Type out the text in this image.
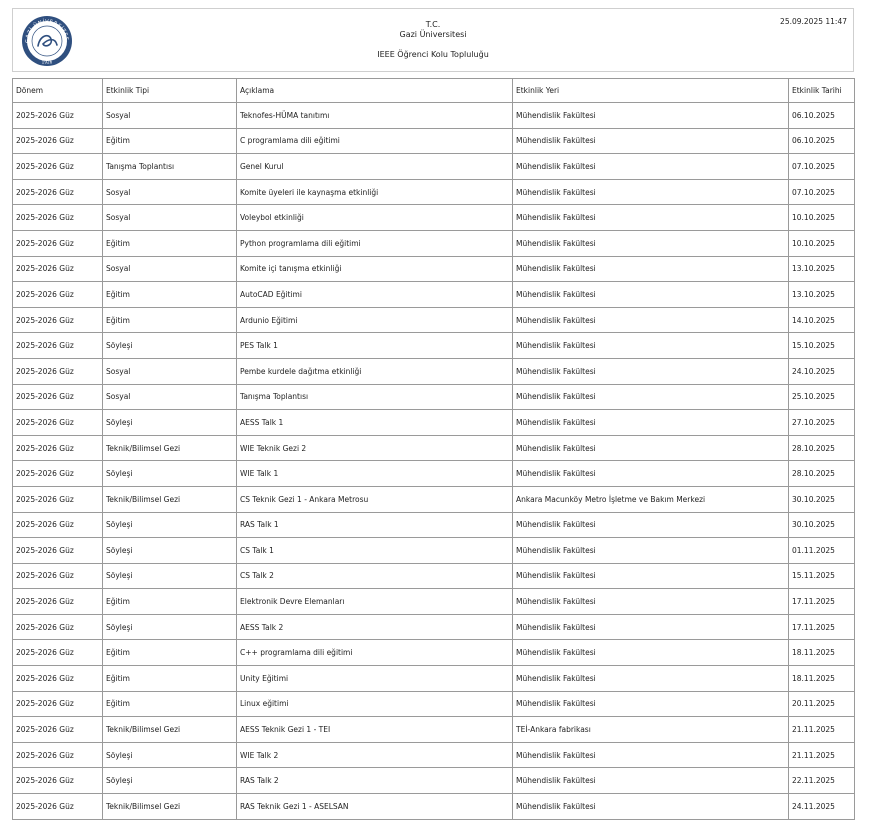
GAZİ ÜNİVERSİTES
1926
T.C.
Gazi Üniversitesi
IEEE Öğrenci Kolu Topluluğu
25.09.2025 11:47
Dönem	Etkinlik Tipi	Açıklama	Etkinlik Yeri	Etkinlik Tarihi
2025-2026 Güz	Sosyal	Teknofes-HÜMA tanıtımı	Mühendislik Fakültesi	06.10.2025
2025-2026 Güz	Eğitim	C programlama dili eğitimi	Mühendislik Fakültesi	06.10.2025
2025-2026 Güz	Tanışma Toplantısı	Genel Kurul	Mühendislik Fakültesi	07.10.2025
2025-2026 Güz	Sosyal	Komite üyeleri ile kaynaşma etkinliği	Mühendislik Fakültesi	07.10.2025
2025-2026 Güz	Sosyal	Voleybol etkinliği	Mühendislik Fakültesi	10.10.2025
2025-2026 Güz	Eğitim	Python programlama dili eğitimi	Mühendislik Fakültesi	10.10.2025
2025-2026 Güz	Sosyal	Komite içi tanışma etkinliği	Mühendislik Fakültesi	13.10.2025
2025-2026 Güz	Eğitim	AutoCAD Eğitimi	Mühendislik Fakültesi	13.10.2025
2025-2026 Güz	Eğitim	Ardunio Eğitimi	Mühendislik Fakültesi	14.10.2025
2025-2026 Güz	Söyleşi	PES Talk 1	Mühendislik Fakültesi	15.10.2025
2025-2026 Güz	Sosyal	Pembe kurdele dağıtma etkinliği	Mühendislik Fakültesi	24.10.2025
2025-2026 Güz	Sosyal	Tanışma Toplantısı	Mühendislik Fakültesi	25.10.2025
2025-2026 Güz	Söyleşi	AESS Talk 1	Mühendislik Fakültesi	27.10.2025
2025-2026 Güz	Teknik/Bilimsel Gezi	WIE Teknik Gezi 2	Mühendislik Fakültesi	28.10.2025
2025-2026 Güz	Söyleşi	WIE Talk 1	Mühendislik Fakültesi	28.10.2025
2025-2026 Güz	Teknik/Bilimsel Gezi	CS Teknik Gezi 1 - Ankara Metrosu	Ankara Macunköy Metro İşletme ve Bakım Merkezi	30.10.2025
2025-2026 Güz	Söyleşi	RAS Talk 1	Mühendislik Fakültesi	30.10.2025
2025-2026 Güz	Söyleşi	CS Talk 1	Mühendislik Fakültesi	01.11.2025
2025-2026 Güz	Söyleşi	CS Talk 2	Mühendislik Fakültesi	15.11.2025
2025-2026 Güz	Eğitim	Elektronik Devre Elemanları	Mühendislik Fakültesi	17.11.2025
2025-2026 Güz	Söyleşi	AESS Talk 2	Mühendislik Fakültesi	17.11.2025
2025-2026 Güz	Eğitim	C++ programlama dili eğitimi	Mühendislik Fakültesi	18.11.2025
2025-2026 Güz	Eğitim	Unity Eğitimi	Mühendislik Fakültesi	18.11.2025
2025-2026 Güz	Eğitim	Linux eğitimi	Mühendislik Fakültesi	20.11.2025
2025-2026 Güz	Teknik/Bilimsel Gezi	AESS Teknik Gezi 1 - TEI	TEİ-Ankara fabrikası	21.11.2025
2025-2026 Güz	Söyleşi	WIE Talk 2	Mühendislik Fakültesi	21.11.2025
2025-2026 Güz	Söyleşi	RAS Talk 2	Mühendislik Fakültesi	22.11.2025
2025-2026 Güz	Teknik/Bilimsel Gezi	RAS Teknik Gezi 1 - ASELSAN	Mühendislik Fakültesi	24.11.2025
